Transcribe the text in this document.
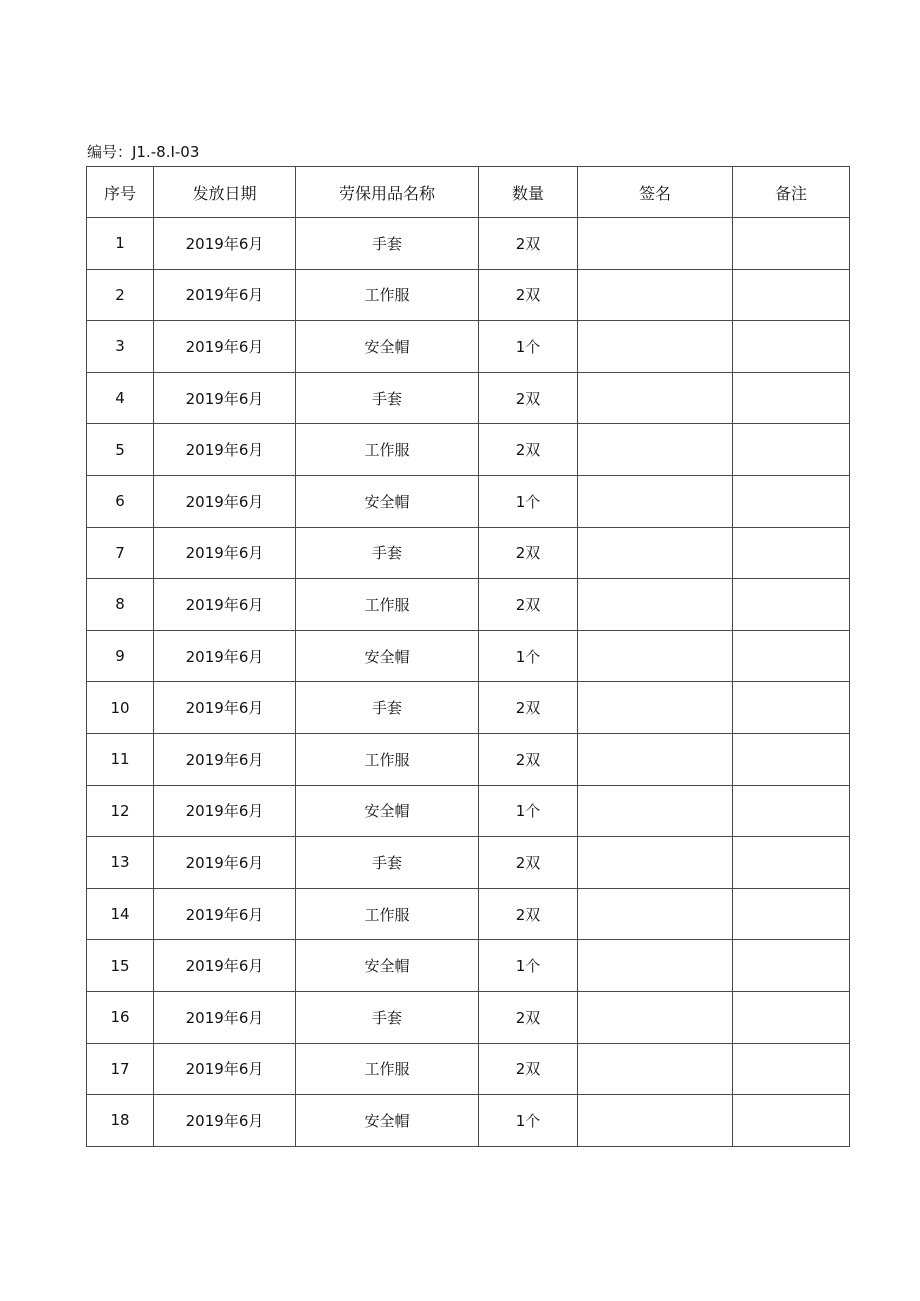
编号：J1.-8.I-03
序号	发放日期	劳保用品名称	数量	签名	备注
1	2019年6月	手套	2双		
2	2019年6月	工作服	2双		
3	2019年6月	安全帽	1个		
4	2019年6月	手套	2双		
5	2019年6月	工作服	2双		
6	2019年6月	安全帽	1个		
7	2019年6月	手套	2双		
8	2019年6月	工作服	2双		
9	2019年6月	安全帽	1个		
10	2019年6月	手套	2双		
11	2019年6月	工作服	2双		
12	2019年6月	安全帽	1个		
13	2019年6月	手套	2双		
14	2019年6月	工作服	2双		
15	2019年6月	安全帽	1个		
16	2019年6月	手套	2双		
17	2019年6月	工作服	2双		
18	2019年6月	安全帽	1个		
